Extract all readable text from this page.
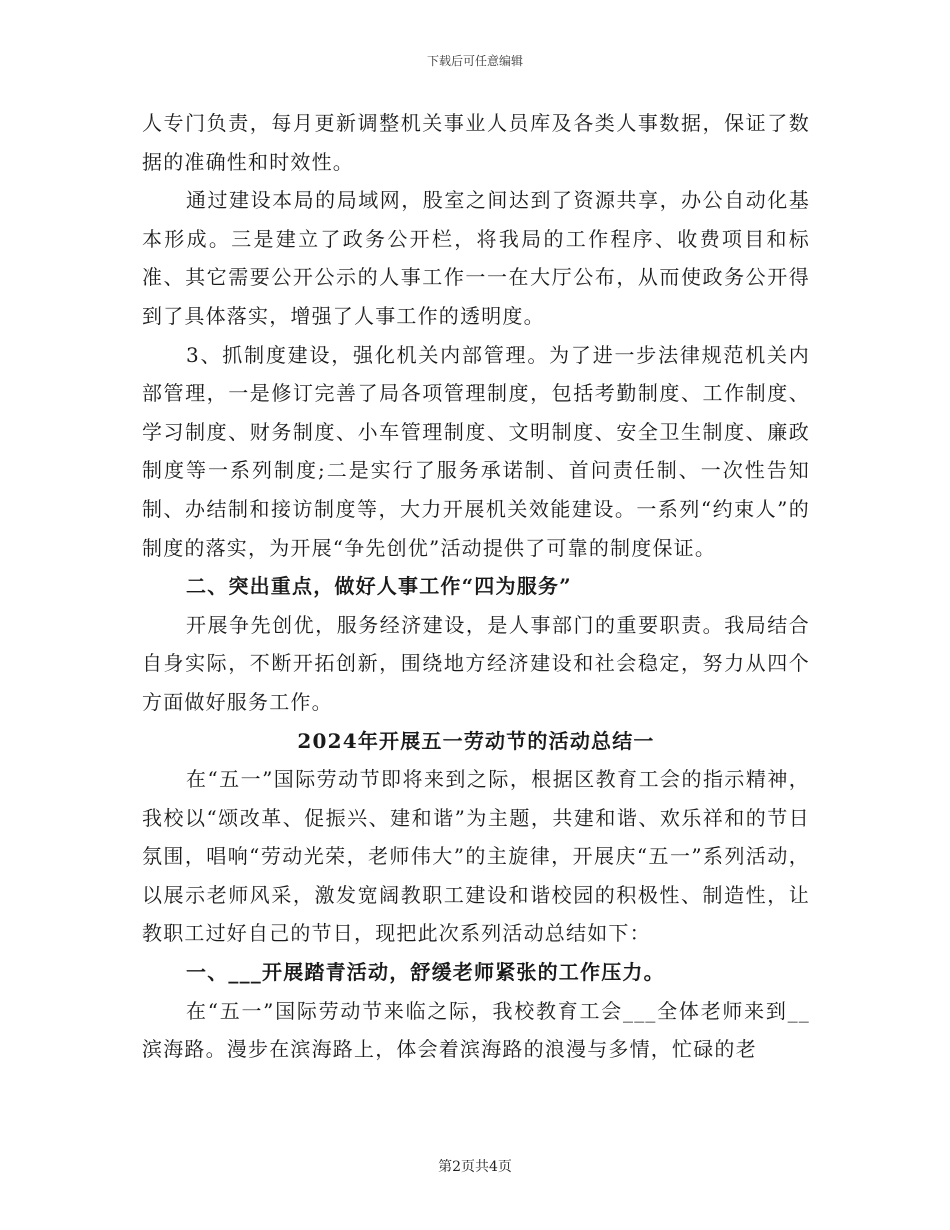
下载后可任意编辑

人专门负责，每月更新调整机关事业人员库及各类人事数据，保证了数据的准确性和时效性。

通过建设本局的局域网，股室之间达到了资源共享，办公自动化基本形成。三是建立了政务公开栏，将我局的工作程序、收费项目和标准、其它需要公开公示的人事工作一一在大厅公布，从而使政务公开得到了具体落实，增强了人事工作的透明度。

3、抓制度建设，强化机关内部管理。为了进一步法律规范机关内部管理，一是修订完善了局各项管理制度，包括考勤制度、工作制度、学习制度、财务制度、小车管理制度、文明制度、安全卫生制度、廉政制度等一系列制度;二是实行了服务承诺制、首问责任制、一次性告知制、办结制和接访制度等，大力开展机关效能建设。一系列“约束人”的制度的落实，为开展“争先创优”活动提供了可靠的制度保证。

二、突出重点，做好人事工作“四为服务”

开展争先创优，服务经济建设，是人事部门的重要职责。我局结合自身实际，不断开拓创新，围绕地方经济建设和社会稳定，努力从四个方面做好服务工作。

2024年开展五一劳动节的活动总结一

在“五一”国际劳动节即将来到之际，根据区教育工会的指示精神，我校以“颂改革、促振兴、建和谐”为主题，共建和谐、欢乐祥和的节日氛围，唱响“劳动光荣，老师伟大”的主旋律，开展庆“五一”系列活动，以展示老师风采，激发宽阔教职工建设和谐校园的积极性、制造性，让教职工过好自己的节日，现把此次系列活动总结如下：

一、___开展踏青活动，舒缓老师紧张的工作压力。

在“五一”国际劳动节来临之际，我校教育工会___全体老师来到__滨海路。漫步在滨海路上，体会着滨海路的浪漫与多情，忙碌的老

第2页共4页
